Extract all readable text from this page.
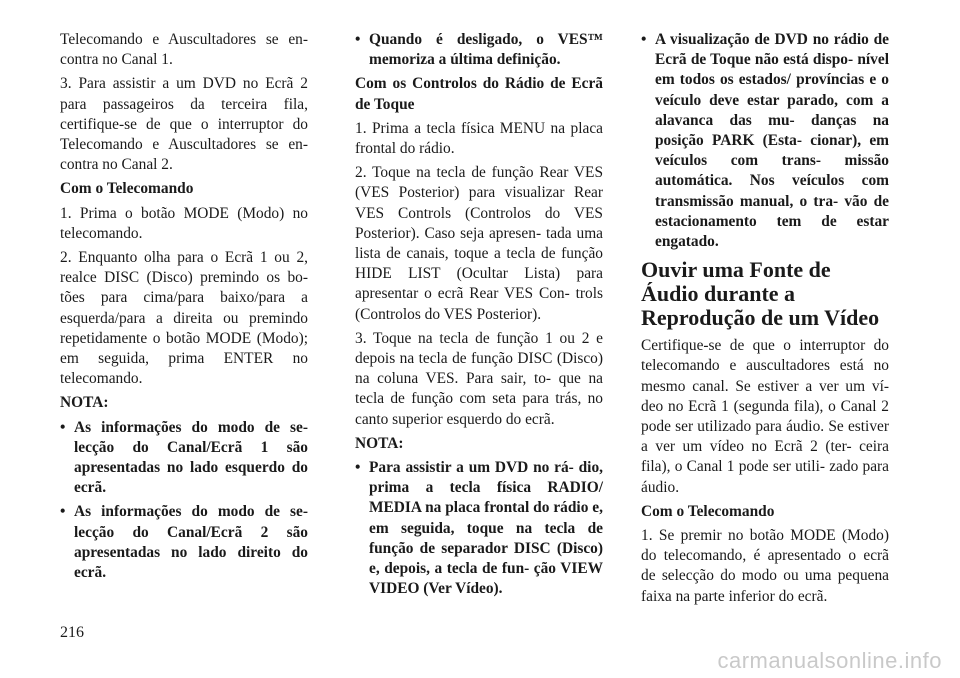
Telecomando e Auscultadores se en- contra no Canal 1.

3. Para assistir a um DVD no Ecrã 2 para passageiros da terceira fila, certifique-se de que o interruptor do Telecomando e Auscultadores se en- contra no Canal 2.

Com o Telecomando

1. Prima o botão MODE (Modo) no telecomando.

2. Enquanto olha para o Ecrã 1 ou 2, realce DISC (Disco) premindo os bo- tões para cima/para baixo/para a esquerda/para a direita ou premindo repetidamente o botão MODE (Modo); em seguida, prima ENTER no telecomando.

NOTA:

• As informações do modo de se- lecção do Canal/Ecrã 1 são apresentadas no lado esquerdo do ecrã.
• As informações do modo de se- lecção do Canal/Ecrã 2 são apresentadas no lado direito do ecrã.
• Quando é desligado, o VES™ memoriza a última definição.

Com os Controlos do Rádio de Ecrã de Toque

1. Prima a tecla física MENU na placa frontal do rádio.

2. Toque na tecla de função Rear VES (VES Posterior) para visualizar Rear VES Controls (Controlos do VES Posterior). Caso seja apresen- tada uma lista de canais, toque a tecla de função HIDE LIST (Ocultar Lista) para apresentar o ecrã Rear VES Con- trols (Controlos do VES Posterior).

3. Toque na tecla de função 1 ou 2 e depois na tecla de função DISC (Disco) na coluna VES. Para sair, to- que na tecla de função com seta para trás, no canto superior esquerdo do ecrã.

NOTA:

• Para assistir a um DVD no rá- dio, prima a tecla física RADIO/ MEDIA na placa frontal do rádio e, em seguida, toque na tecla de função de separador DISC (Disco) e, depois, a tecla de fun- ção VIEW VIDEO (Ver Vídeo).
• A visualização de DVD no rádio de Ecrã de Toque não está dispo- nível em todos os estados/ províncias e o veículo deve estar parado, com a alavanca das mu- danças na posição PARK (Esta- cionar), em veículos com trans- missão automática. Nos veículos com transmissão manual, o tra- vão de estacionamento tem de estar engatado.
Ouvir uma Fonte de Áudio durante a Reprodução de um Vídeo

Certifique-se de que o interruptor do telecomando e auscultadores está no mesmo canal. Se estiver a ver um ví- deo no Ecrã 1 (segunda fila), o Canal 2 pode ser utilizado para áudio. Se estiver a ver um vídeo no Ecrã 2 (ter- ceira fila), o Canal 1 pode ser utili- zado para áudio.

Com o Telecomando

1. Se premir no botão MODE (Modo) do telecomando, é apresentado o ecrã de selecção do modo ou uma pequena faixa na parte inferior do ecrã.

216
carmanualsonline.info
